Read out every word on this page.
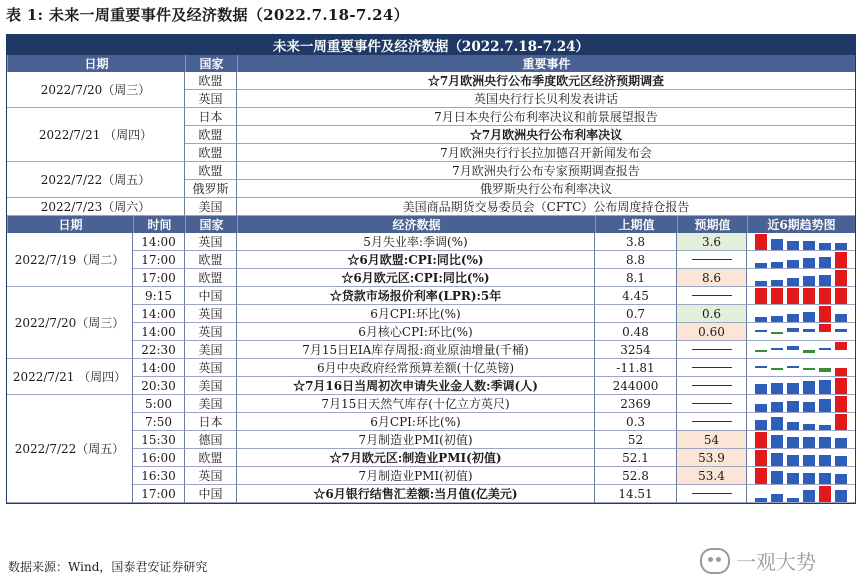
表 1: 未来一周重要事件及经济数据（2022.7.18-7.24）
未来一周重要事件及经济数据（2022.7.18-7.24）
日期	国家	重要事件
2022/7/20（周三）
欧盟	☆7月欧洲央行公布季度欧元区经济预期调查
英国	英国央行行长贝利发表讲话
2022/7/21 （周四）
日本	7月日本央行公布利率决议和前景展望报告
欧盟	☆7月欧洲央行公布利率决议
欧盟	7月欧洲央行行长拉加德召开新闻发布会
2022/7/22（周五）
欧盟	7月欧洲央行公布专家预期调查报告
俄罗斯	俄罗斯央行公布利率决议
2022/7/23（周六）	美国	美国商品期货交易委员会（CFTC）公布周度持仓报告
日期	时间	国家	经济数据	上期值	预期值	近6期趋势图
2022/7/19（周二）
14:00	英国	5月失业率:季调(%)	3.8	3.6
17:00	欧盟	☆6月欧盟:CPI:同比(%)	8.8
17:00	欧盟	☆6月欧元区:CPI:同比(%)	8.1	8.6
2022/7/20（周三）
9:15	中国	☆贷款市场报价利率(LPR):5年	4.45
14:00	英国	6月CPI:环比(%)	0.7	0.6
14:00	英国	6月核心CPI:环比(%)	0.48	0.60
22:30	美国	7月15日EIA库存周报:商业原油增量(千桶)	3254
2022/7/21 （周四）
14:00	英国	6月中央政府经常预算差额(十亿英镑)	-11.81
20:30	美国	☆7月16日当周初次申请失业金人数:季调(人)	244000
2022/7/22（周五）
5:00	美国	7月15日天然气库存(十亿立方英尺)	2369
7:50	日本	6月CPI:环比(%)	0.3
15:30	德国	7月制造业PMI(初值)	52	54
16:00	欧盟	☆7月欧元区:制造业PMI(初值)	52.1	53.9
16:30	英国	7月制造业PMI(初值)	52.8	53.4
17:00	中国	☆6月银行结售汇差额:当月值(亿美元)	14.51
数据来源：Wind，国泰君安证券研究	一观大势
